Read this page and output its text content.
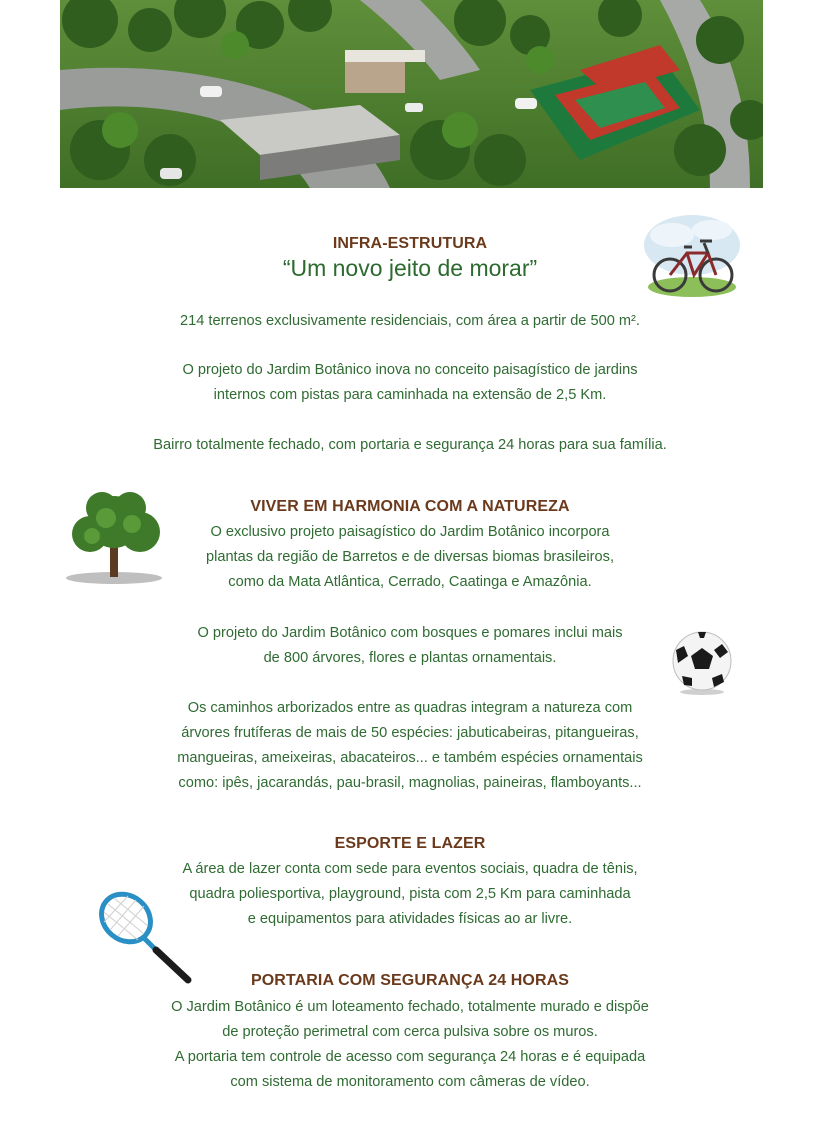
INFRA-ESTRUTURA
“Um novo jeito de morar”
214 terrenos exclusivamente residenciais, com área a partir de 500 m².
O projeto do Jardim Botânico inova no conceito paisagístico de jardins
internos com pistas para caminhada na extensão de 2,5 Km.
Bairro totalmente fechado, com portaria e segurança 24 horas para sua família.
VIVER EM HARMONIA COM A NATUREZA
O exclusivo projeto paisagístico do Jardim Botânico incorpora
plantas da região de Barretos e de diversas biomas brasileiros,
como da Mata Atlântica, Cerrado, Caatinga e Amazônia.
O projeto do Jardim Botânico com bosques e pomares inclui mais
de 800 árvores, flores e plantas ornamentais.
Os caminhos arborizados entre as quadras integram a natureza com
árvores frutíferas de mais de 50 espécies: jabuticabeiras, pitangueiras,
mangueiras, ameixeiras, abacateiros... e também espécies ornamentais
como: ipês, jacarandás, pau-brasil, magnolias, paineiras, flamboyants...
ESPORTE E LAZER
A área de lazer conta com sede para eventos sociais, quadra de tênis,
quadra poliesportiva, playground, pista com 2,5 Km para caminhada
e equipamentos para atividades físicas ao ar livre.
PORTARIA COM SEGURANÇA 24 HORAS
O Jardim Botânico é um loteamento fechado, totalmente murado e dispõe
de proteção perimetral com cerca pulsiva sobre os muros.
A portaria tem controle de acesso com segurança 24 horas e é equipada
com sistema de monitoramento com câmeras de vídeo.
